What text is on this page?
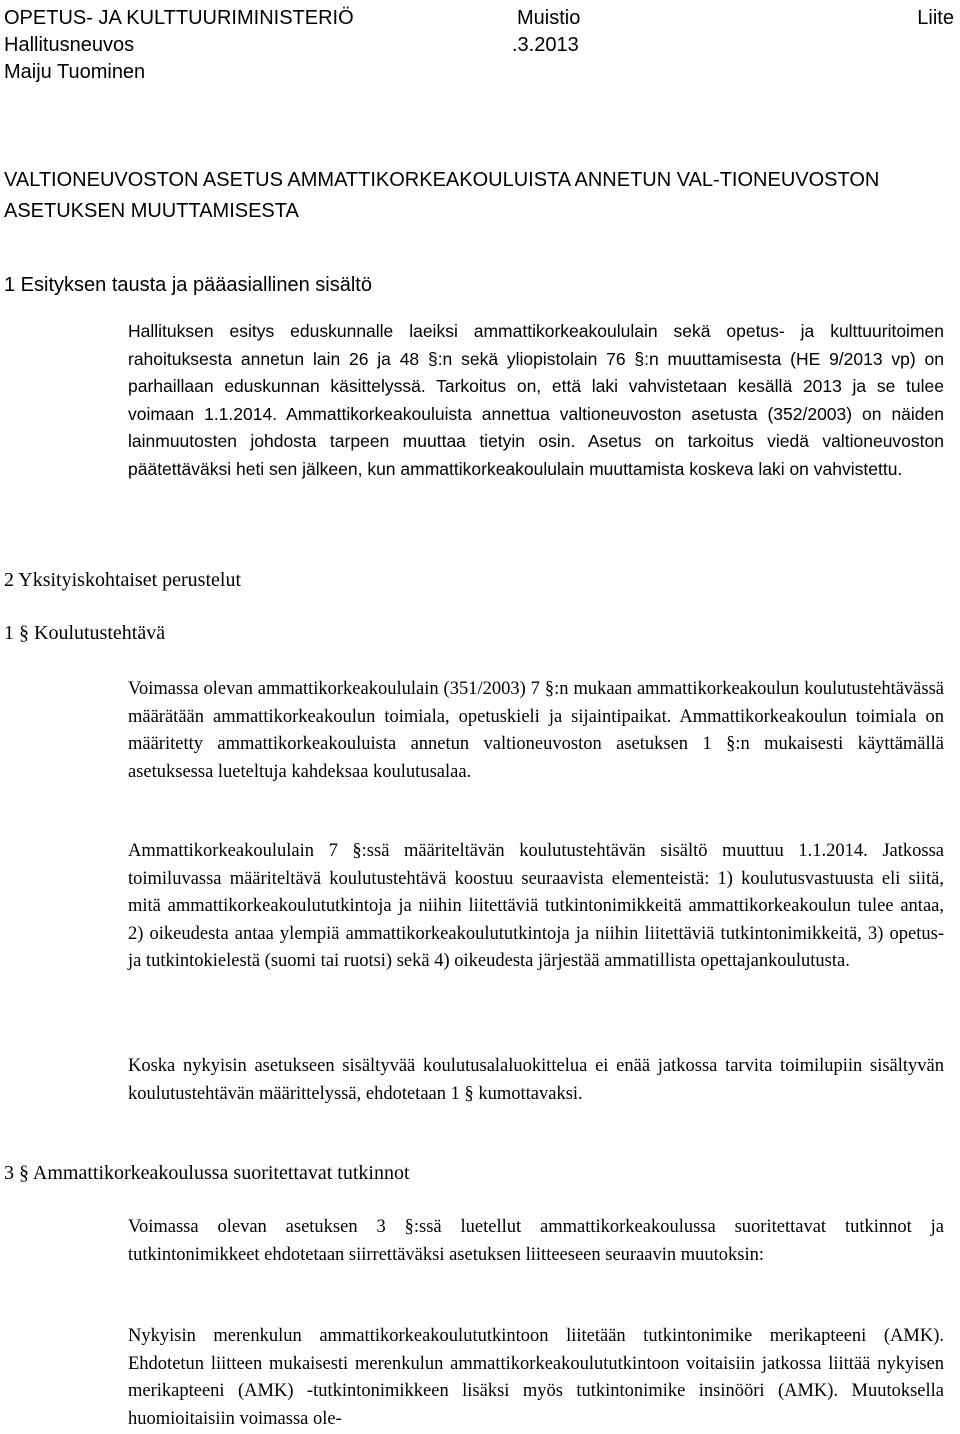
OPETUS- JA KULTTUURIMINISTERIÖ	Muistio	Liite
Hallitusneuvos	.3.2013
Maiju Tuominen
VALTIONEUVOSTON ASETUS AMMATTIKORKEAKOULUISTA ANNETUN VAL-TIONEUVOSTON ASETUKSEN MUUTTAMISESTA
1 Esityksen tausta ja pääasiallinen sisältö
Hallituksen esitys eduskunnalle laeiksi ammattikorkeakoululain sekä opetus- ja kulttuuritoimen rahoituksesta annetun lain 26 ja 48 §:n sekä yliopistolain 76 §:n muuttamisesta (HE 9/2013 vp) on parhaillaan eduskunnan käsittelyssä. Tarkoitus on, että laki vahvistetaan kesällä 2013 ja se tulee voimaan 1.1.2014. Ammattikorkeakouluista annettua valtioneuvoston asetusta (352/2003) on näiden lainmuutosten johdosta tarpeen muuttaa tietyin osin. Asetus on tarkoitus viedä valtioneuvoston päätettäväksi heti sen jälkeen, kun ammattikorkeakoululain muuttamista koskeva laki on vahvistettu.
2 Yksityiskohtaiset perustelut
1 § Koulutustehtävä
Voimassa olevan ammattikorkeakoululain (351/2003) 7 §:n mukaan ammattikorkeakoulun koulutustehtävässä määrätään ammattikorkeakoulun toimiala, opetuskieli ja sijaintipaikat. Ammattikorkeakoulun toimiala on määritetty ammattikorkeakouluista annetun valtioneuvoston asetuksen 1 §:n mukaisesti käyttämällä asetuksessa lueteltuja kahdeksaa koulutusalaa.
Ammattikorkeakoululain 7 §:ssä määriteltävän koulutustehtävän sisältö muuttuu 1.1.2014. Jatkossa toimiluvassa määriteltävä koulutustehtävä koostuu seuraavista elementeistä: 1) koulutusvastuusta eli siitä, mitä ammattikorkeakoulututkintoja ja niihin liitettäviä tutkintonimikkeitä ammattikorkeakoulun tulee antaa, 2) oikeudesta antaa ylempiä ammattikorkeakoulututkintoja ja niihin liitettäviä tutkintonimikkeitä, 3) opetus- ja tutkintokielestä (suomi tai ruotsi) sekä 4) oikeudesta järjestää ammatillista opettajankoulutusta.
Koska nykyisin asetukseen sisältyvää koulutusalaluokittelua ei enää jatkossa tarvita toimilupiin sisältyvän koulutustehtävän määrittelyssä, ehdotetaan 1 § kumottavaksi.
3 § Ammattikorkeakoulussa suoritettavat tutkinnot
Voimassa olevan asetuksen 3 §:ssä luetellut ammattikorkeakoulussa suoritettavat tutkinnot ja tutkintonimikkeet ehdotetaan siirrettäväksi asetuksen liitteeseen seuraavin muutoksin:
Nykyisin merenkulun ammattikorkeakoulututkintoon liitetään tutkintonimike merikapteeni (AMK). Ehdotetun liitteen mukaisesti merenkulun ammattikorkeakoulututkintoon voitaisiin jatkossa liittää nykyisen merikapteeni (AMK) -tutkintonimikkeen lisäksi myös tutkintonimike insinööri (AMK). Muutoksella huomioitaisiin voimassa ole-
